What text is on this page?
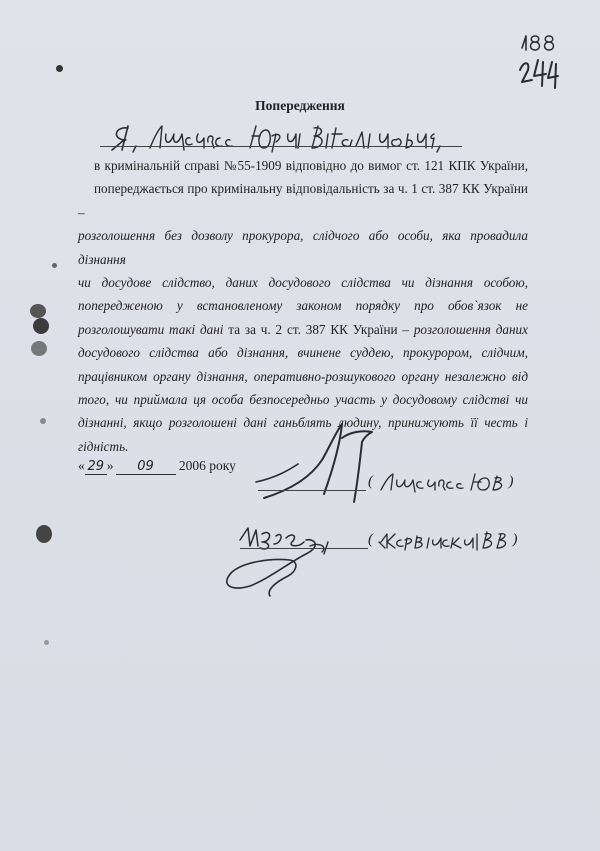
Попередження
в кримінальній справі №55-1909 відповідно до вимог ст. 121 КПК України,
попереджається про кримінальну відповідальність за ч. 1 ст. 387 КК України –
розголошення без дозволу прокурора, слідчого або особи, яка провадила дізнання
чи досудове слідство, даних досудового слідства чи дізнання особою,
попередженою у встановленому законом порядку про обов`язок не
розголошувати такі дані та за ч. 2 ст. 387 КК України – розголошення даних
досудового слідства або дізнання, вчинене суддею, прокурором, слідчим,
працівником органу дізнання, оперативно-розшукового органу незалежно від
того, чи приймала ця особа безпосередньо участь у досудовому слідстві чи
дізнанні, якщо розголошені дані ганьблять людину, принижують її честь і
гідність.
« 29 » 09 2006 року
(	)
(	)
